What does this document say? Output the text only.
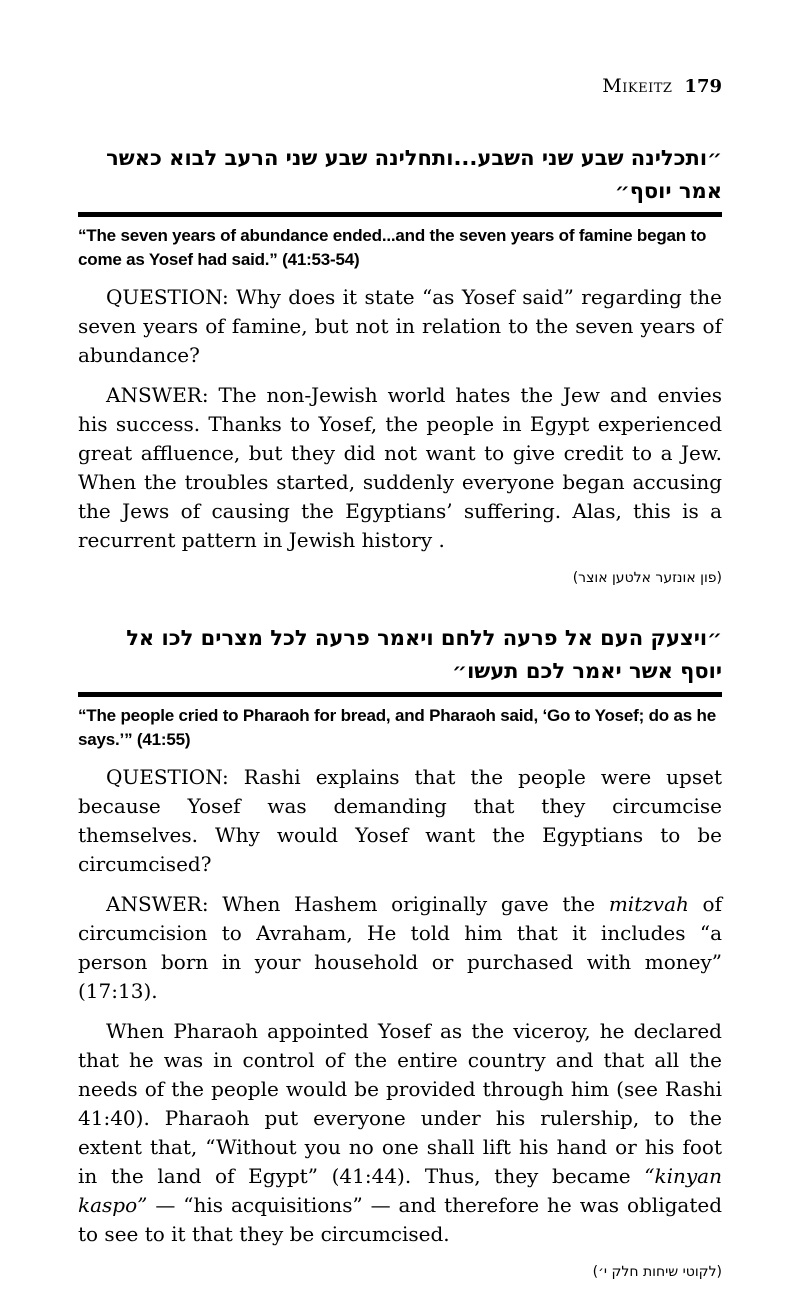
Mikeitz 179
״ותכלינה שבע שני השבע...ותחלינה שבע שני הרעב לבוא כאשר אמר יוסף״

“The seven years of abundance ended...and the seven years of famine began to come as Yosef had said.” (41:53-54)

QUESTION: Why does it state “as Yosef said” regarding the seven years of famine, but not in relation to the seven years of abundance?

ANSWER: The non-Jewish world hates the Jew and envies his success. Thanks to Yosef, the people in Egypt experienced great affluence, but they did not want to give credit to a Jew. When the troubles started, suddenly everyone began accusing the Jews of causing the Egyptians’ suffering. Alas, this is a recurrent pattern in Jewish history .

(פון אונזער אלטען אוצר)

״ויצעק העם אל פרעה ללחם ויאמר פרעה לכל מצרים לכו אל יוסף אשר יאמר לכם תעשו״

“The people cried to Pharaoh for bread, and Pharaoh said, ‘Go to Yosef; do as he says.’” (41:55)

QUESTION: Rashi explains that the people were upset because Yosef was demanding that they circumcise themselves. Why would Yosef want the Egyptians to be circumcised?

ANSWER: When Hashem originally gave the mitzvah of circumcision to Avraham, He told him that it includes “a person born in your household or purchased with money” (17:13).

When Pharaoh appointed Yosef as the viceroy, he declared that he was in control of the entire country and that all the needs of the people would be provided through him (see Rashi 41:40). Pharaoh put everyone under his rulership, to the extent that, “Without you no one shall lift his hand or his foot in the land of Egypt” (41:44). Thus, they became “kinyan kaspo” — “his acquisitions” — and therefore he was obligated to see to it that they be circumcised.

(לקוטי שיחות חלק י׳)
